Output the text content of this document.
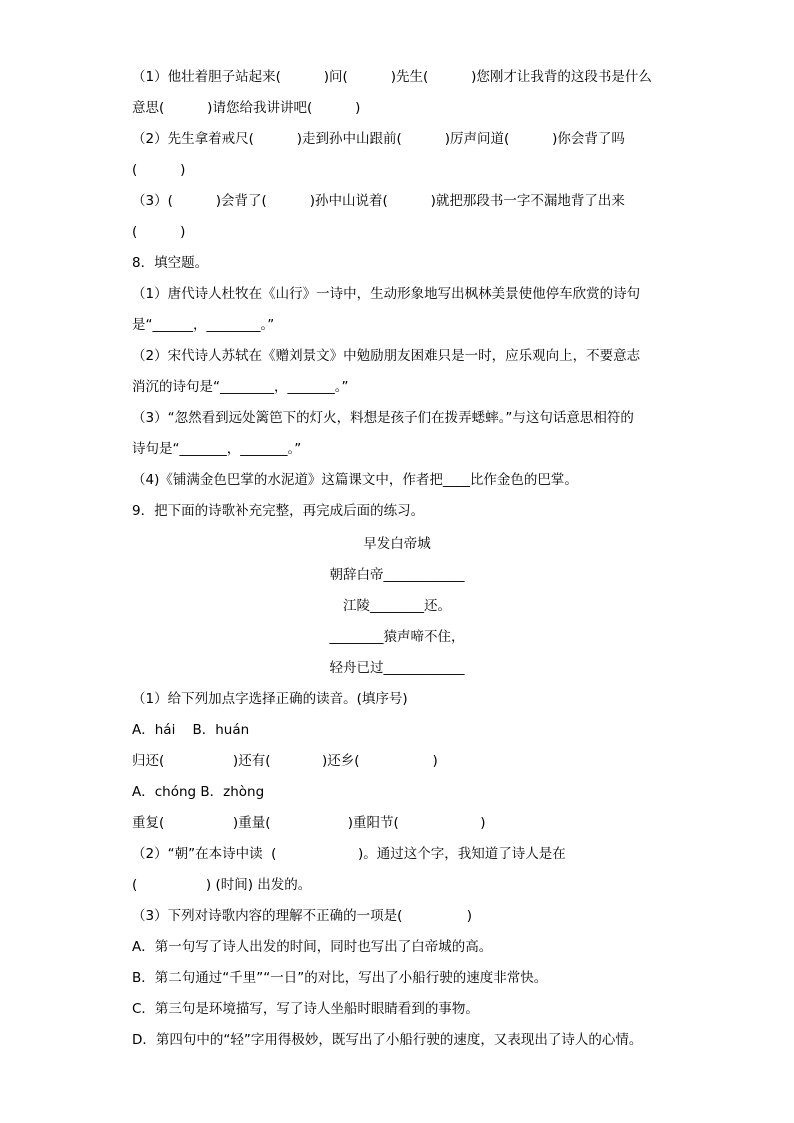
（1）他壮着胆子站起来(          )问(          )先生(          )您刚才让我背的这段书是什么
意思(          )请您给我讲讲吧(          )
（2）先生拿着戒尺(          )走到孙中山跟前(          )厉声问道(          )你会背了吗
(          )
（3）(          )会背了(          )孙中山说着(          )就把那段书一字不漏地背了出来
(          )
8．填空题。
（1）唐代诗人杜牧在《山行》一诗中，生动形象地写出枫林美景使他停车欣赏的诗句
是“______，________。”
（2）宋代诗人苏轼在《赠刘景文》中勉励朋友困难只是一时，应乐观向上，不要意志
消沉的诗句是“________，_______。”
（3）“忽然看到远处篱笆下的灯火，料想是孩子们在拨弄蟋蟀。”与这句话意思相符的
诗句是“_______，_______。”
（4)《铺满金色巴掌的水泥道》这篇课文中，作者把____比作金色的巴掌。
9．把下面的诗歌补充完整，再完成后面的练习。
早发白帝城
朝辞白帝____________
江陵________还。
________猿声啼不住，
轻舟已过____________
（1）给下列加点字选择正确的读音。(填序号)
A．hái    B．huán
归还(                )还有(            )还乡(                 )
A．chóng B．zhòng
重复(                )重量(                  )重阳节(                   )
（2）“朝”在本诗中读  (                   )。通过这个字，我知道了诗人是在
(                ) (时间) 出发的。
（3）下列对诗歌内容的理解不正确的一项是(               )
A．第一句写了诗人出发的时间，同时也写出了白帝城的高。
B．第二句通过“千里”“一日”的对比，写出了小船行驶的速度非常快。
C．第三句是环境描写，写了诗人坐船时眼睛看到的事物。
D．第四句中的“轻”字用得极妙，既写出了小船行驶的速度，又表现出了诗人的心情。
